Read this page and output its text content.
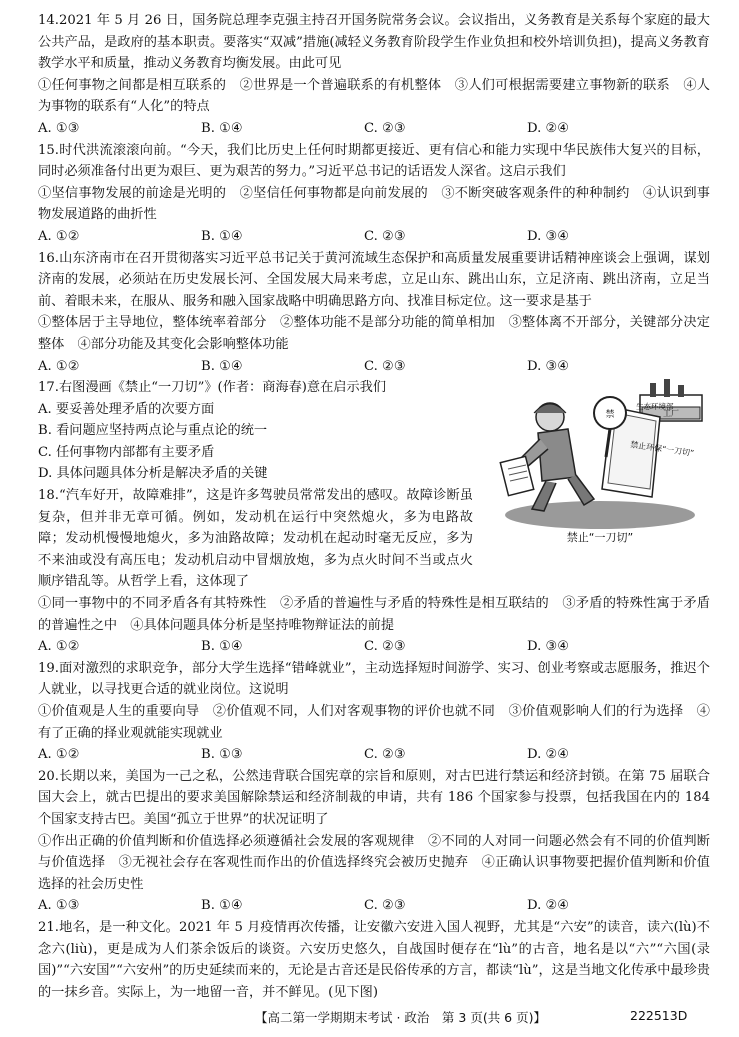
14.2021 年 5 月 26 日，国务院总理李克强主持召开国务院常务会议。会议指出，义务教育是关系每个家庭的最大公共产品，是政府的基本职责。要落实“双减”措施(减轻义务教育阶段学生作业负担和校外培训负担)，提高义务教育教学水平和质量，推动义务教育均衡发展。由此可见

①任何事物之间都是相互联系的　②世界是一个普遍联系的有机整体　③人们可根据需要建立事物新的联系　④人为事物的联系有“人化”的特点

A. ①③	B. ①④	C. ②③	D. ②④

15.时代洪流滚滚向前。“今天，我们比历史上任何时期都更接近、更有信心和能力实现中华民族伟大复兴的目标，同时必须准备付出更为艰巨、更为艰苦的努力。”习近平总书记的话语发人深省。这启示我们

①坚信事物发展的前途是光明的　②坚信任何事物都是向前发展的　③不断突破客观条件的种种制约　④认识到事物发展道路的曲折性

A. ①②	B. ①④	C. ②③	D. ③④

16.山东济南市在召开贯彻落实习近平总书记关于黄河流域生态保护和高质量发展重要讲话精神座谈会上强调，谋划济南的发展，必须站在历史发展长河、全国发展大局来考虑，立足山东、跳出山东，立足济南、跳出济南，立足当前、着眼未来，在服从、服务和融入国家战略中明确思路方向、找准目标定位。这一要求是基于

①整体居于主导地位，整体统率着部分　②整体功能不是部分功能的简单相加　③整体离不开部分，关键部分决定整体　④部分功能及其变化会影响整体功能

A. ①②	B. ①④	C. ②③	D. ③④

17.右图漫画《禁止“一刀切”》(作者：商海春)意在启示我们

A. 要妥善处理矛盾的次要方面

B. 看问题应坚持两点论与重点论的统一

C. 任何事物内部都有主要矛盾

D. 具体问题具体分析是解决矛盾的关键

工厂
禁止环保“一刀切”
禁
生态环境部
禁止“一刀切”

18.“汽车好开，故障难排”，这是许多驾驶员常常发出的感叹。故障诊断虽复杂，但并非无章可循。例如，发动机在运行中突然熄火，多为电路故障；发动机慢慢地熄火，多为油路故障；发动机在起动时毫无反应，多为不来油或没有高压电；发动机启动中冒烟放炮，多为点火时间不当或点火顺序错乱等。从哲学上看，这体现了

①同一事物中的不同矛盾各有其特殊性　②矛盾的普遍性与矛盾的特殊性是相互联结的　③矛盾的特殊性寓于矛盾的普遍性之中　④具体问题具体分析是坚持唯物辩证法的前提

A. ①②	B. ①④	C. ②③	D. ③④

19.面对激烈的求职竞争，部分大学生选择“错峰就业”，主动选择短时间游学、实习、创业考察或志愿服务，推迟个人就业，以寻找更合适的就业岗位。这说明

①价值观是人生的重要向导　②价值观不同，人们对客观事物的评价也就不同　③价值观影响人们的行为选择　④有了正确的择业观就能实现就业

A. ①②	B. ①③	C. ②③	D. ②④

20.长期以来，美国为一己之私，公然违背联合国宪章的宗旨和原则，对古巴进行禁运和经济封锁。在第 75 届联合国大会上，就古巴提出的要求美国解除禁运和经济制裁的申请，共有 186 个国家参与投票，包括我国在内的 184 个国家支持古巴。美国“孤立于世界”的状况证明了

①作出正确的价值判断和价值选择必须遵循社会发展的客观规律　②不同的人对同一问题必然会有不同的价值判断与价值选择　③无视社会存在客观性而作出的价值选择终究会被历史抛弃　④正确认识事物要把握价值判断和价值选择的社会历史性

A. ①③	B. ①④	C. ②③	D. ②④

21.地名，是一种文化。2021 年 5 月疫情再次传播，让安徽六安进入国人视野，尤其是“六安”的读音，读六(lù)不念六(liù)，更是成为人们茶余饭后的谈资。六安历史悠久，自战国时便存在“lù”的古音，地名是以“六”“六国(录国)”“六安国”“六安州”的历史延续而来的，无论是古音还是民俗传承的方言，都读“lù”，这是当地文化传承中最珍贵的一抹乡音。实际上，为一地留一音，并不鲜见。(见下图)

【高二第一学期期末考试 · 政治　第 3 页(共 6 页)】	222513D
